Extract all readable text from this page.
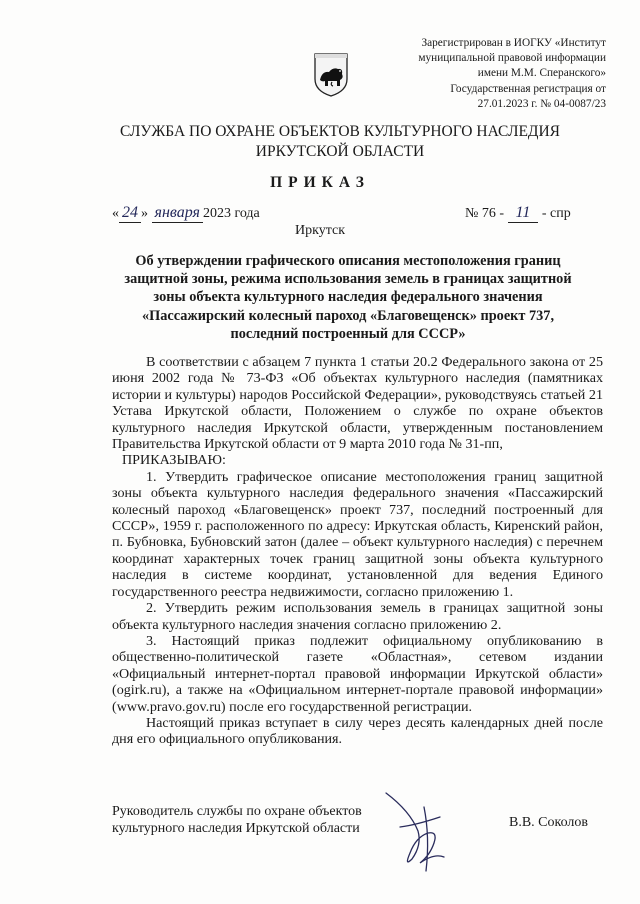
Зарегистрирован в ИОГКУ «Институт
муниципальной правовой информации
имени М.М. Сперанского»
Государственная регистрация от
27.01.2023 г. № 04-0087/23
СЛУЖБА ПО ОХРАНЕ ОБЪЕКТОВ КУЛЬТУРНОГО НАСЛЕДИЯ
ИРКУТСКОЙ ОБЛАСТИ
ПРИКАЗ
« 24 » января 2023 года	№ 76 - 11 - спр
Иркутск
Об утверждении графического описания местоположения границ
защитной зоны, режима использования земель в границах защитной
зоны объекта культурного наследия федерального значения
«Пассажирский колесный пароход «Благовещенск» проект 737,
последний построенный для СССР»

В соответствии с абзацем 7 пункта 1 статьи 20.2 Федерального закона от 25 июня 2002 года № 73-ФЗ «Об объектах культурного наследия (памятниках истории и культуры) народов Российской Федерации», руководствуясь статьей 21 Устава Иркутской области, Положением о службе по охране объектов культурного наследия Иркутской области, утвержденным постановлением Правительства Иркутской области от 9 марта 2010 года № 31-пп,

ПРИКАЗЫВАЮ:

1. Утвердить графическое описание местоположения границ защитной зоны объекта культурного наследия федерального значения «Пассажирский колесный пароход «Благовещенск» проект 737, последний построенный для СССР», 1959 г. расположенного по адресу: Иркутская область, Киренский район, п. Бубновка, Бубновский затон (далее – объект культурного наследия) с перечнем координат характерных точек границ защитной зоны объекта культурного наследия в системе координат, установленной для ведения Единого государственного реестра недвижимости, согласно приложению 1.

2. Утвердить режим использования земель в границах защитной зоны объекта культурного наследия значения согласно приложению 2.

3. Настоящий приказ подлежит официальному опубликованию в общественно-политической газете «Областная», сетевом издании «Официальный интернет-портал правовой информации Иркутской области» (ogirk.ru), а также на «Официальном интернет-портале правовой информации» (www.pravo.gov.ru) после его государственной регистрации.

Настоящий приказ вступает в силу через десять календарных дней после дня его официального опубликования.

Руководитель службы по охране объектов
культурного наследия Иркутской области	В.В. Соколов
